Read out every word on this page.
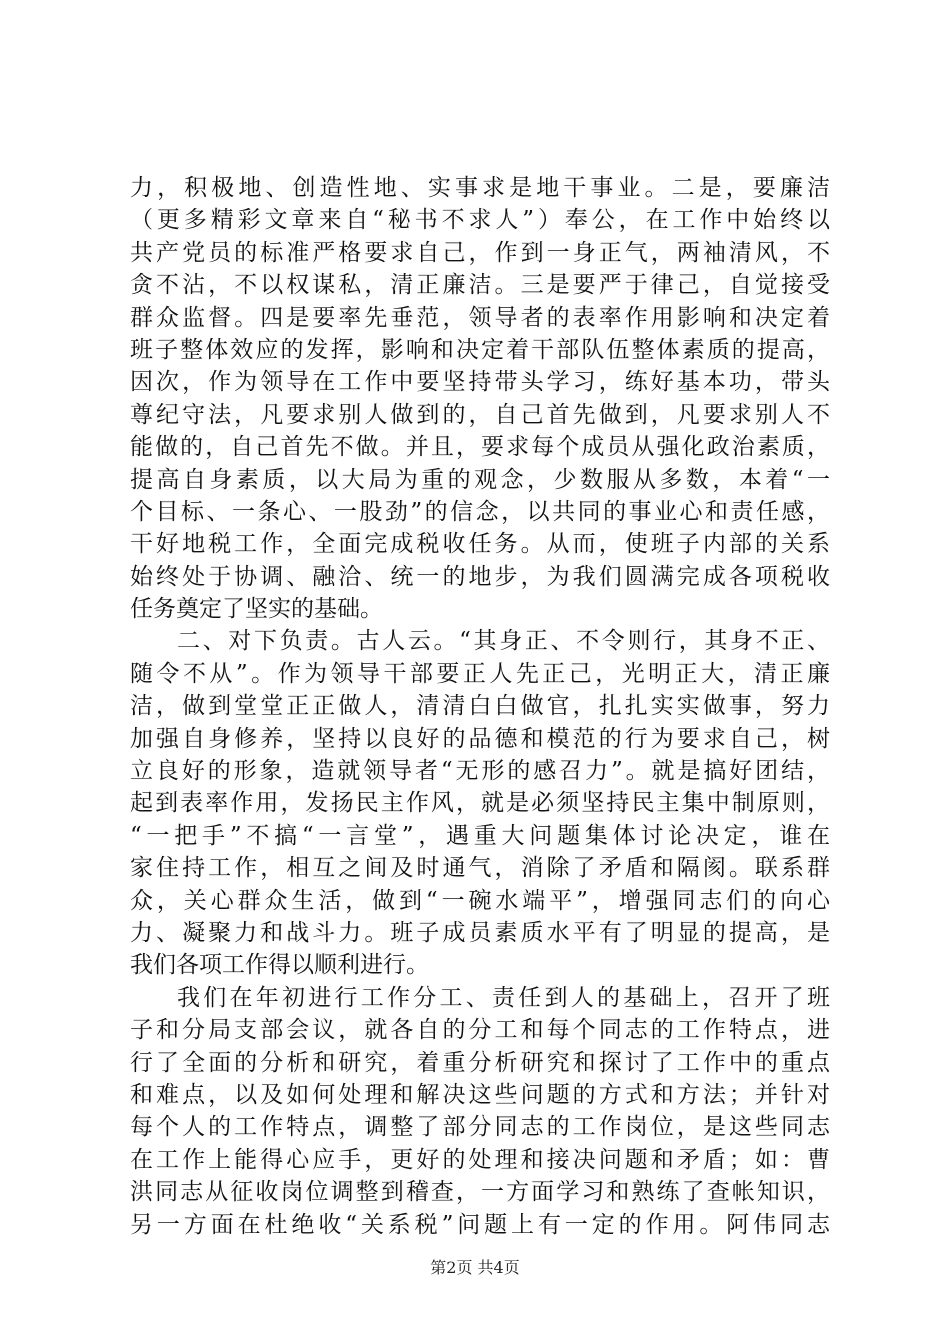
力，积极地、创造性地、实事求是地干事业。二是，要廉洁
（更多精彩文章来自“秘书不求人”）奉公，在工作中始终以
共产党员的标准严格要求自己，作到一身正气，两袖清风，不
贪不沾，不以权谋私，清正廉洁。三是要严于律己，自觉接受
群众监督。四是要率先垂范，领导者的表率作用影响和决定着
班子整体效应的发挥，影响和决定着干部队伍整体素质的提高，
因次，作为领导在工作中要坚持带头学习，练好基本功，带头
尊纪守法，凡要求别人做到的，自己首先做到，凡要求别人不
能做的，自己首先不做。并且，要求每个成员从强化政治素质，
提高自身素质，以大局为重的观念，少数服从多数，本着“一
个目标、一条心、一股劲”的信念，以共同的事业心和责任感，
干好地税工作，全面完成税收任务。从而，使班子内部的关系
始终处于协调、融洽、统一的地步，为我们圆满完成各项税收
任务奠定了坚实的基础。
二、对下负责。古人云。“其身正、不令则行，其身不正、
随令不从”。作为领导干部要正人先正己，光明正大，清正廉
洁，做到堂堂正正做人，清清白白做官，扎扎实实做事，努力
加强自身修养，坚持以良好的品德和模范的行为要求自己，树
立良好的形象，造就领导者“无形的感召力”。就是搞好团结，
起到表率作用，发扬民主作风，就是必须坚持民主集中制原则，
“一把手”不搞“一言堂”，遇重大问题集体讨论决定，谁在
家住持工作，相互之间及时通气，消除了矛盾和隔阂。联系群
众，关心群众生活，做到“一碗水端平”，增强同志们的向心
力、凝聚力和战斗力。班子成员素质水平有了明显的提高，是
我们各项工作得以顺利进行。
我们在年初进行工作分工、责任到人的基础上，召开了班
子和分局支部会议，就各自的分工和每个同志的工作特点，进
行了全面的分析和研究，着重分析研究和探讨了工作中的重点
和难点，以及如何处理和解决这些问题的方式和方法；并针对
每个人的工作特点，调整了部分同志的工作岗位，是这些同志
在工作上能得心应手，更好的处理和接决问题和矛盾；如：曹
洪同志从征收岗位调整到稽查，一方面学习和熟练了查帐知识，
另一方面在杜绝收“关系税”问题上有一定的作用。阿伟同志
第2页 共4页
